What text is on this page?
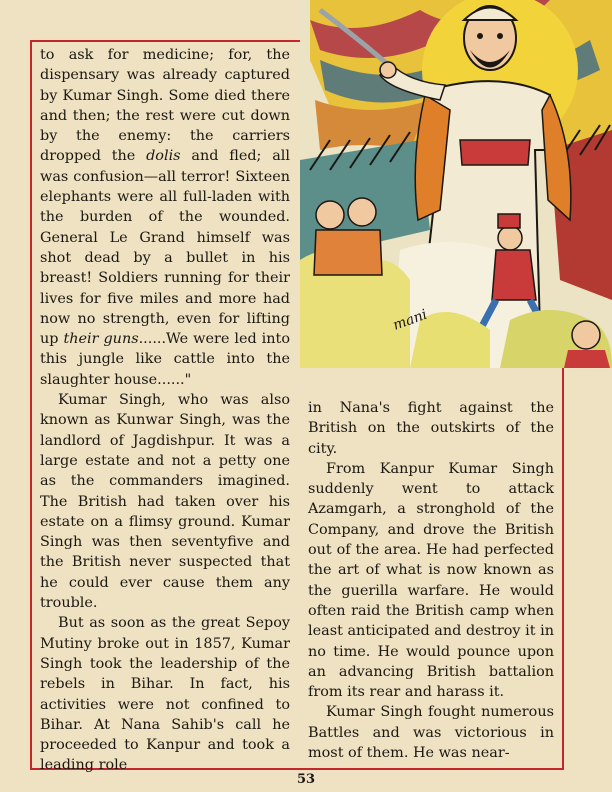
mani

to ask for medicine; for, the dispensary was already captured by Kumar Singh. Some died there and then; the rest were cut down by the enemy: the carriers dropped the dolis and fled; all was confusion—all terror! Sixteen elephants were all full-laden with the burden of the wounded. General Le Grand himself was shot dead by a bullet in his breast! Soldiers running for their lives for five miles and more had now no strength, even for lifting up their guns......We were led into this jungle like cattle into the slaughter house......"

Kumar Singh, who was also known as Kunwar Singh, was the landlord of Jagdishpur. It was a large estate and not a petty one as the commanders imagined. The British had taken over his estate on a flimsy ground. Kumar Singh was then seventyfive and the British never suspected that he could ever cause them any trouble.

But as soon as the great Sepoy Mutiny broke out in 1857, Kumar Singh took the leadership of the rebels in Bihar. In fact, his activities were not confined to Bihar. At Nana Sahib's call he proceeded to Kanpur and took a leading role

in Nana's fight against the British on the outskirts of the city.

From Kanpur Kumar Singh suddenly went to attack Azamgarh, a stronghold of the Company, and drove the British out of the area. He had perfected the art of what is now known as the guerilla warfare. He would often raid the British camp when least anticipated and destroy it in no time. He would pounce upon an advancing British battalion from its rear and harass it.

Kumar Singh fought numerous Battles and was victorious in most of them. He was near-

53
